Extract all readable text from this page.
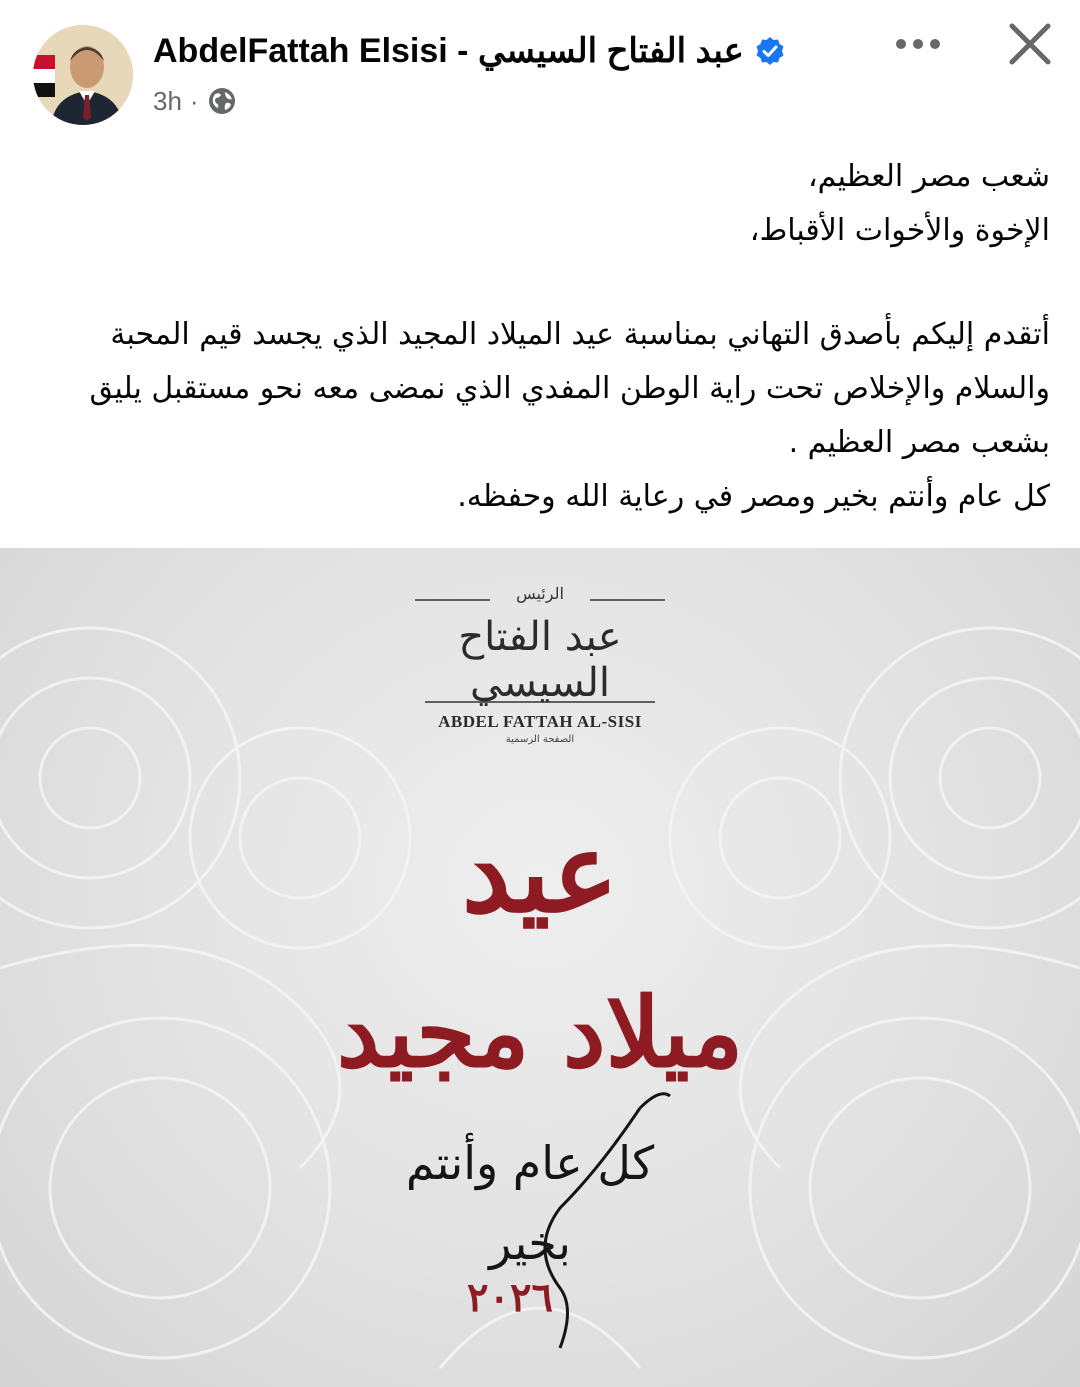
AbdelFattah Elsisi - عبد الفتاح السيسي
3h ·

شعب مصر العظيم،

الإخوة والأخوات الأقباط،

أتقدم إليكم بأصدق التهاني بمناسبة عيد الميلاد المجيد الذي يجسد قيم المحبة والسلام والإخلاص تحت راية الوطن المفدي الذي نمضى معه نحو مستقبل يليق بشعب مصر العظيم .

كل عام وأنتم بخير ومصر في رعاية الله وحفظه.

الرئيس
عبد الفتاح السيسي
ABDEL FATTAH AL-SISI
الصفحة الرسمية
عيد
ميلاد مجيد
كل عام وأنتم بخير
٢٠٢٦
